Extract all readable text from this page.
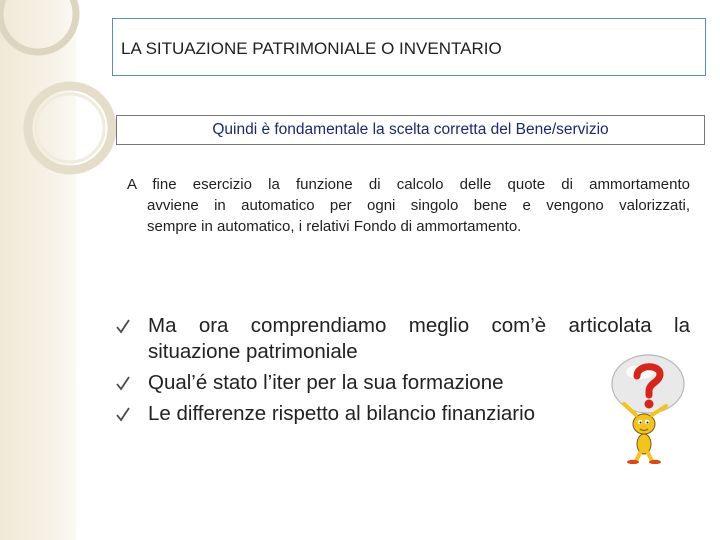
LA SITUAZIONE PATRIMONIALE O INVENTARIO
Quindi è fondamentale la scelta corretta del Bene/servizio
A fine esercizio la funzione di calcolo delle quote di ammortamento
avviene in automatico per ogni singolo bene e vengono valorizzati,
sempre in automatico, i relativi Fondo di ammortamento.
Ma ora comprendiamo meglio com’è articolata la
situazione patrimoniale
Qual’é stato l’iter per la sua formazione
Le differenze rispetto al bilancio finanziario
